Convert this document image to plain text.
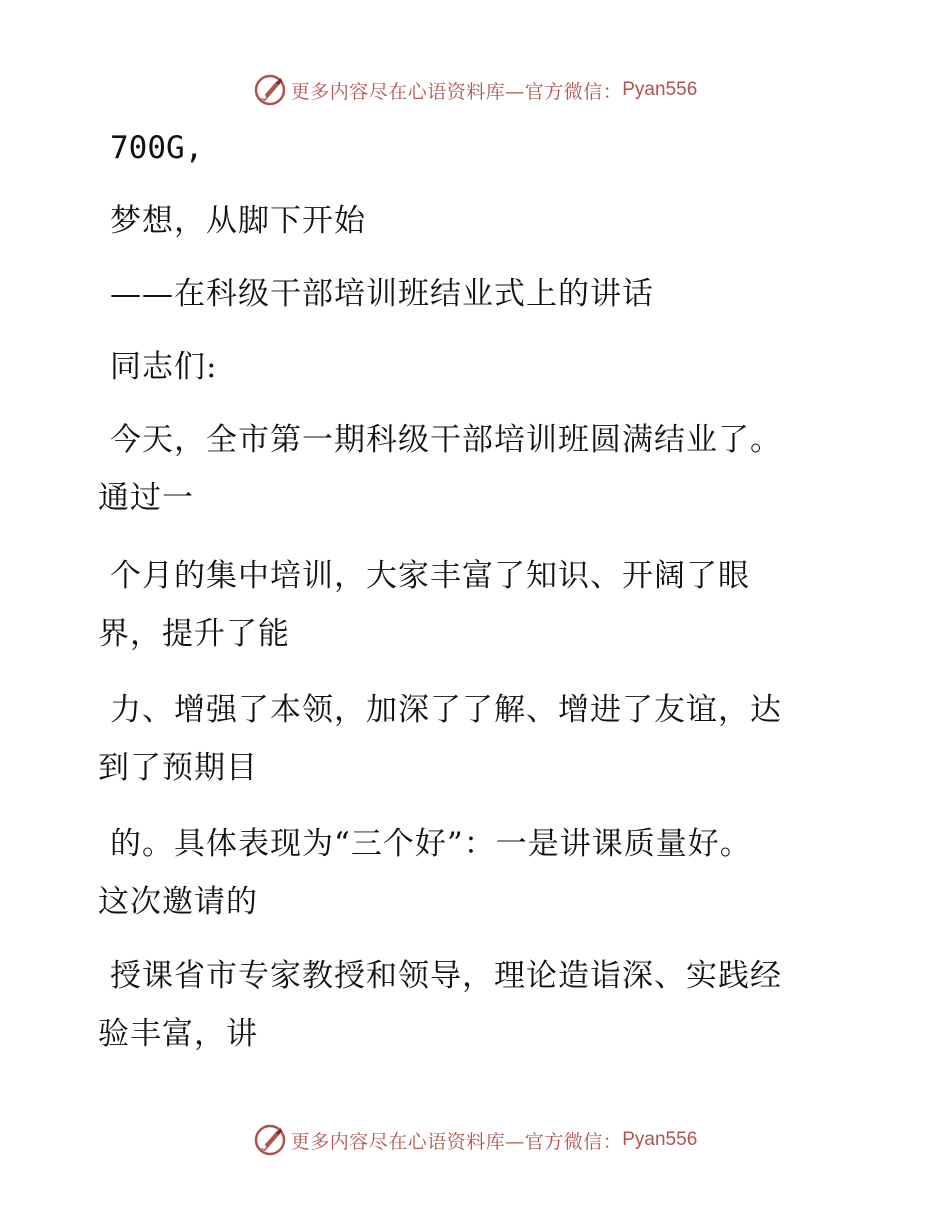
更多内容尽在心语资料库—官方微信： Pyan556
700G,
梦想，从脚下开始
——在科级干部培训班结业式上的讲话
同志们:
今天，全市第一期科级干部培训班圆满结业了。
通过一
个月的集中培训，大家丰富了知识、开阔了眼
界，提升了能
力、增强了本领，加深了了解、增进了友谊，达
到了预期目
的。具体表现为“三个好”：一是讲课质量好。
这次邀请的
授课省市专家教授和领导，理论造诣深、实践经
验丰富，讲
更多内容尽在心语资料库—官方微信： Pyan556
